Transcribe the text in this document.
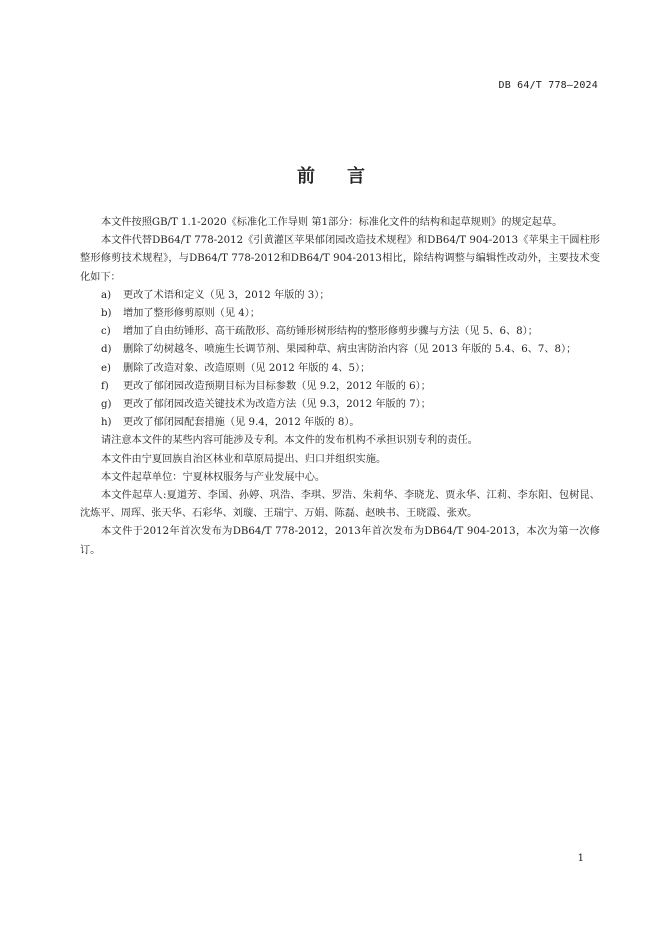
DB 64/T 778—2024
前言

本文件按照GB/T 1.1-2020《标准化工作导则 第1部分：标准化文件的结构和起草规则》的规定起草。

本文件代替DB64/T 778-2012《引黄灌区苹果郁闭园改造技术规程》和DB64/T 904-2013《苹果主干圆柱形整形修剪技术规程》，与DB64/T 778-2012和DB64/T 904-2013相比，除结构调整与编辑性改动外，主要技术变化如下：

a) 更改了术语和定义（见 3，2012 年版的 3）；
b) 增加了整形修剪原则（见 4）；
c) 增加了自由纺锤形、高干疏散形、高纺锤形树形结构的整形修剪步骤与方法（见 5、6、8）；
d) 删除了幼树越冬、喷施生长调节剂、果园种草、病虫害防治内容（见 2013 年版的 5.4、6、7、8）；
e) 删除了改造对象、改造原则（见 2012 年版的 4、5）；
f) 更改了郁闭园改造预期目标为目标参数（见 9.2，2012 年版的 6）；
g) 更改了郁闭园改造关键技术为改造方法（见 9.3，2012 年版的 7）；
h) 更改了郁闭园配套措施（见 9.4，2012 年版的 8）。

请注意本文件的某些内容可能涉及专利。本文件的发布机构不承担识别专利的责任。

本文件由宁夏回族自治区林业和草原局提出、归口并组织实施。

本文件起草单位：宁夏林权服务与产业发展中心。

本文件起草人:夏道芳、李国、孙婷、巩浩、李琪、罗浩、朱莉华、李晓龙、贾永华、江莉、李东阳、包树昆、沈炼平、周珲、张天华、石彩华、刘璇、王瑞宁、万娟、陈磊、赵映书、王晓霞、张欢。

本文件于2012年首次发布为DB64/T 778-2012，2013年首次发布为DB64/T 904-2013，本次为第一次修订。

1
